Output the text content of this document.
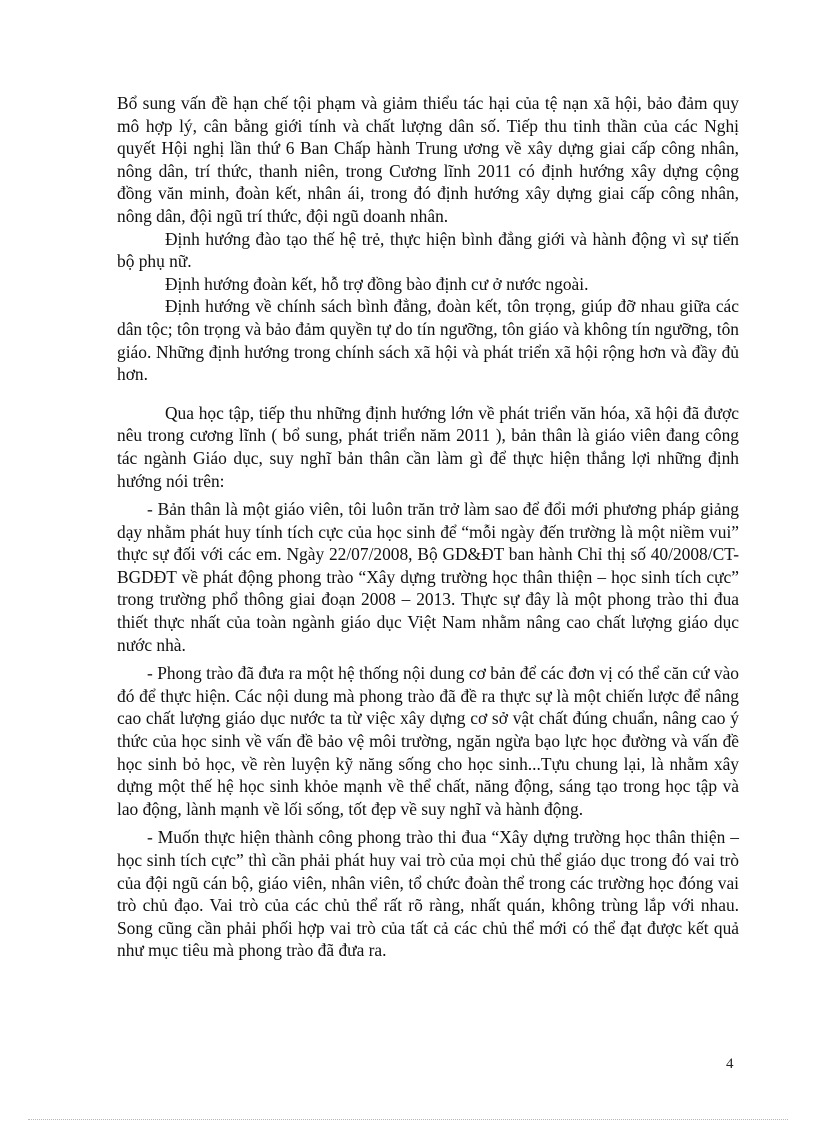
Bổ sung vấn đề hạn chế tội phạm và giảm thiểu tác hại của tệ nạn xã hội, bảo đảm quy mô hợp lý, cân bằng giới tính và chất lượng dân số. Tiếp thu tinh thần của các Nghị quyết Hội nghị lần thứ 6 Ban Chấp hành Trung ương về xây dựng giai cấp công nhân, nông dân, trí thức, thanh niên, trong Cương lĩnh 2011 có định hướng xây dựng cộng đồng văn minh, đoàn kết, nhân ái, trong đó định hướng xây dựng giai cấp công nhân, nông dân, đội ngũ trí thức, đội ngũ doanh nhân.

Định hướng đào tạo thế hệ trẻ, thực hiện bình đẳng giới và hành động vì sự tiến bộ phụ nữ.

Định hướng đoàn kết, hỗ trợ đồng bào định cư ở nước ngoài.

Định hướng về chính sách bình đẳng, đoàn kết, tôn trọng, giúp đỡ nhau giữa các dân tộc; tôn trọng và bảo đảm quyền tự do tín ngưỡng, tôn giáo và không tín ngưỡng, tôn giáo. Những định hướng trong chính sách xã hội và phát triển xã hội rộng hơn và đầy đủ hơn.

Qua học tập, tiếp thu những định hướng lớn về phát triển văn hóa, xã hội đã được nêu trong cương lĩnh ( bổ sung, phát triển năm 2011 ), bản thân là giáo viên đang công tác ngành Giáo dục, suy nghĩ bản thân cần làm gì để thực hiện thắng lợi những định hướng nói trên:

- Bản thân là một giáo viên, tôi luôn trăn trở làm sao để đổi mới phương pháp giảng dạy nhằm phát huy tính tích cực của học sinh để “mỗi ngày đến trường là một niềm vui” thực sự đối với các em. Ngày 22/07/2008, Bộ GD&ĐT ban hành Chỉ thị số 40/2008/CT-BGDĐT về phát động phong trào “Xây dựng trường học thân thiện – học sinh tích cực” trong trường phổ thông giai đoạn 2008 – 2013. Thực sự đây là một phong trào thi đua thiết thực nhất của toàn ngành giáo dục Việt Nam nhằm nâng cao chất lượng giáo dục nước nhà.

- Phong trào đã đưa ra một hệ thống nội dung cơ bản để các đơn vị có thể căn cứ vào đó để thực hiện. Các nội dung mà phong trào đã đề ra thực sự là một chiến lược để nâng cao chất lượng giáo dục nước ta từ việc xây dựng cơ sở vật chất đúng chuẩn, nâng cao ý thức của học sinh về vấn đề bảo vệ môi trường, ngăn ngừa bạo lực học đường và vấn đề học sinh bỏ học, về rèn luyện kỹ năng sống cho học sinh...Tựu chung lại, là nhằm xây dựng một thế hệ học sinh khỏe mạnh về thể chất, năng động, sáng tạo trong học tập và lao động, lành mạnh về lối sống, tốt đẹp về suy nghĩ và hành động.

- Muốn thực hiện thành công phong trào thi đua “Xây dựng trường học thân thiện – học sinh tích cực” thì cần phải phát huy vai trò của mọi chủ thể giáo dục trong đó vai trò của đội ngũ cán bộ, giáo viên, nhân viên, tổ chức đoàn thể trong các trường học đóng vai trò chủ đạo. Vai trò của các chủ thể rất rõ ràng, nhất quán, không trùng lắp với nhau. Song cũng cần phải phối hợp vai trò của tất cả các chủ thể mới có thể đạt được kết quả như mục tiêu mà phong trào đã đưa ra.

4
